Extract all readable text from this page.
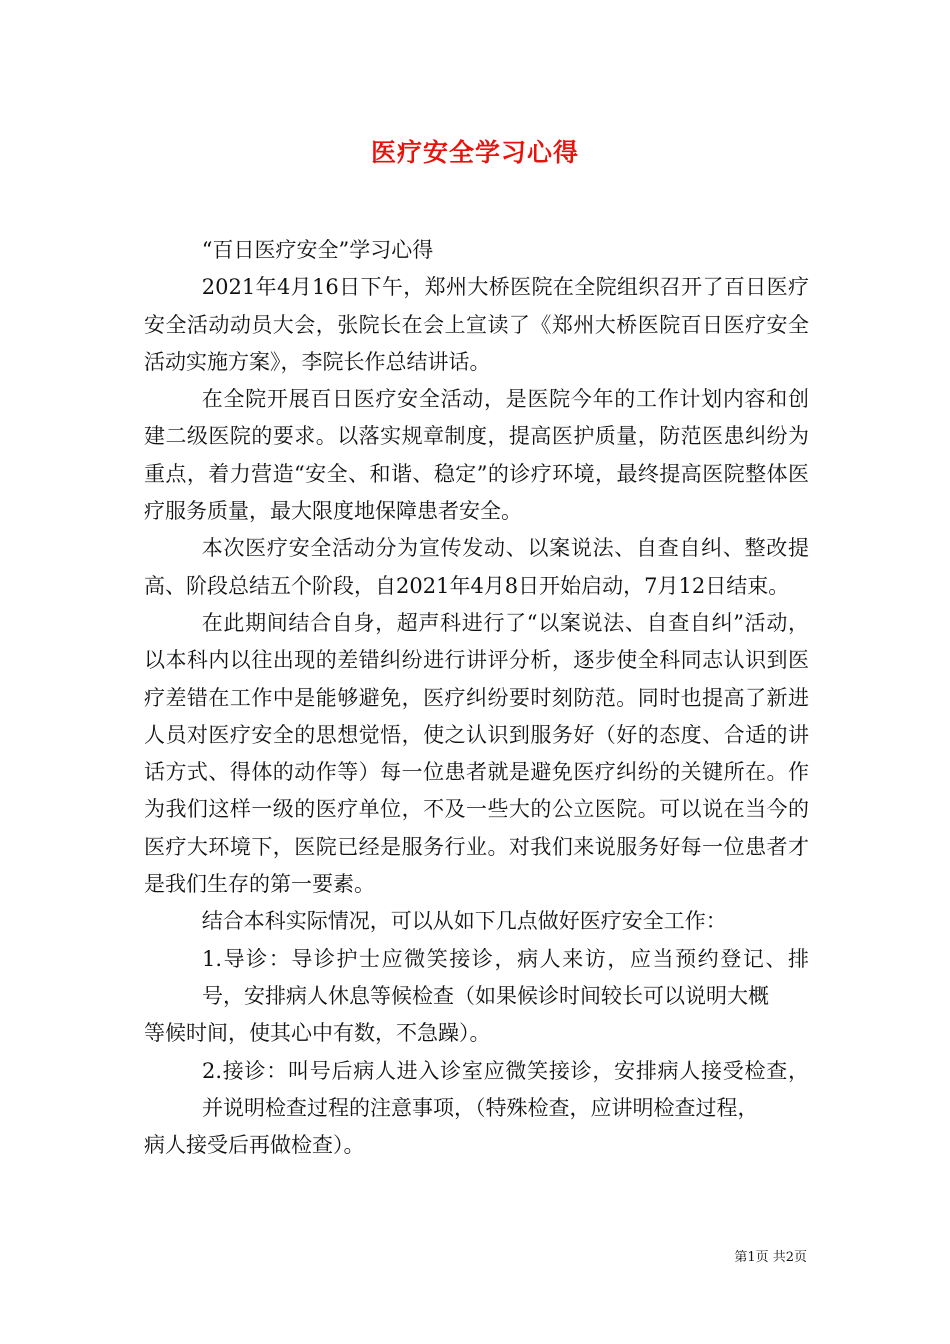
医疗安全学习心得

“百日医疗安全”学习心得

2021年4月16日下午，郑州大桥医院在全院组织召开了百日医疗安全活动动员大会，张院长在会上宣读了《郑州大桥医院百日医疗安全活动实施方案》，李院长作总结讲话。

在全院开展百日医疗安全活动，是医院今年的工作计划内容和创建二级医院的要求。以落实规章制度，提高医护质量，防范医患纠纷为重点，着力营造“安全、和谐、稳定”的诊疗环境，最终提高医院整体医疗服务质量，最大限度地保障患者安全。

本次医疗安全活动分为宣传发动、以案说法、自查自纠、整改提高、阶段总结五个阶段，自2021年4月8日开始启动，7月12日结束。

在此期间结合自身，超声科进行了“以案说法、自查自纠”活动，以本科内以往出现的差错纠纷进行讲评分析，逐步使全科同志认识到医疗差错在工作中是能够避免，医疗纠纷要时刻防范。同时也提高了新进人员对医疗安全的思想觉悟，使之认识到服务好（好的态度、合适的讲话方式、得体的动作等）每一位患者就是避免医疗纠纷的关键所在。作为我们这样一级的医疗单位，不及一些大的公立医院。可以说在当今的医疗大环境下，医院已经是服务行业。对我们来说服务好每一位患者才是我们生存的第一要素。

结合本科实际情况，可以从如下几点做好医疗安全工作：

1.导诊：导诊护士应微笑接诊，病人来访，应当预约登记、排号，安排病人休息等候检查（如果候诊时间较长可以说明大概
等候时间，使其心中有数，不急躁）。

2.接诊：叫号后病人进入诊室应微笑接诊，安排病人接受检查，并说明检查过程的注意事项，（特殊检查，应讲明检查过程，
病人接受后再做检查）。

第1页 共2页
